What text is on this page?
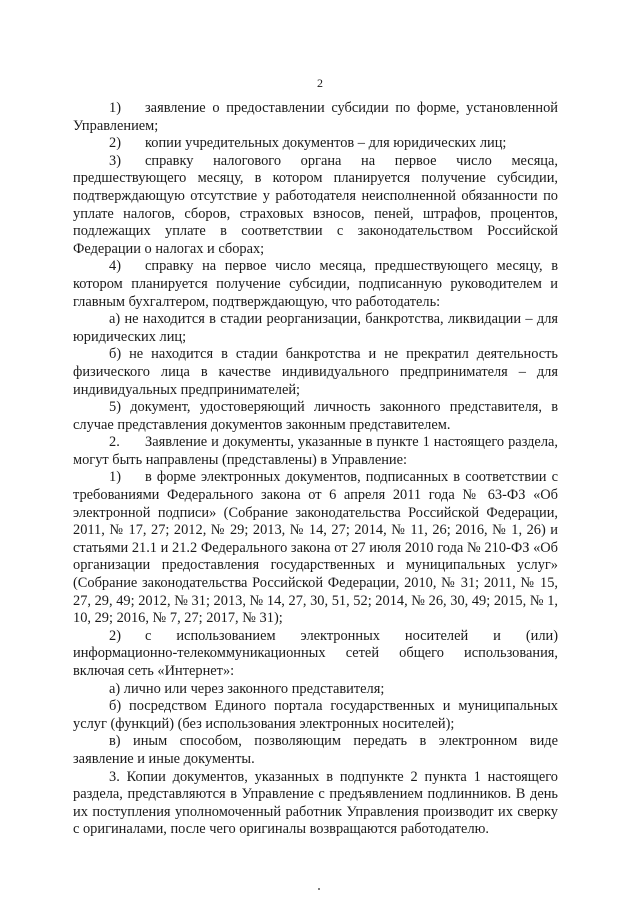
2

1) заявление о предоставлении субсидии по форме, установленной Управлением;

2) копии учредительных документов – для юридических лиц;

3) справку налогового органа на первое число месяца, предшествующего месяцу, в котором планируется получение субсидии, подтверждающую отсутствие у работодателя неисполненной обязанности по уплате налогов, сборов, страховых взносов, пеней, штрафов, процентов, подлежащих уплате в соответствии с законодательством Российской Федерации о налогах и сборах;

4) справку на первое число месяца, предшествующего месяцу, в котором планируется получение субсидии, подписанную руководителем и главным бухгалтером, подтверждающую, что работодатель:

а) не находится в стадии реорганизации, банкротства, ликвидации – для юридических лиц;

б) не находится в стадии банкротства и не прекратил деятельность физического лица в качестве индивидуального предпринимателя – для индивидуальных предпринимателей;

5) документ, удостоверяющий личность законного представителя, в случае представления документов законным представителем.

2. Заявление и документы, указанные в пункте 1 настоящего раздела, могут быть направлены (представлены) в Управление:

1) в форме электронных документов, подписанных в соответствии с требованиями Федерального закона от 6 апреля 2011 года № 63-ФЗ «Об электронной подписи» (Собрание законодательства Российской Федерации, 2011, № 17, 27; 2012, № 29; 2013, № 14, 27; 2014, № 11, 26; 2016, № 1, 26) и статьями 21.1 и 21.2 Федерального закона от 27 июля 2010 года № 210-ФЗ «Об организации предоставления государственных и муниципальных услуг» (Собрание законодательства Российской Федерации, 2010, № 31; 2011, № 15, 27, 29, 49; 2012, № 31; 2013, № 14, 27, 30, 51, 52; 2014, № 26, 30, 49; 2015, № 1, 10, 29; 2016, № 7, 27; 2017, № 31);

2) с использованием электронных носителей и (или) информационно-телекоммуникационных сетей общего использования, включая сеть «Интернет»:

а) лично или через законного представителя;

б) посредством Единого портала государственных и муниципальных услуг (функций) (без использования электронных носителей);

в) иным способом, позволяющим передать в электронном виде заявление и иные документы.

3. Копии документов, указанных в подпункте 2 пункта 1 настоящего раздела, представляются в Управление с предъявлением подлинников. В день их поступления уполномоченный работник Управления производит их сверку с оригиналами, после чего оригиналы возвращаются работодателю.
